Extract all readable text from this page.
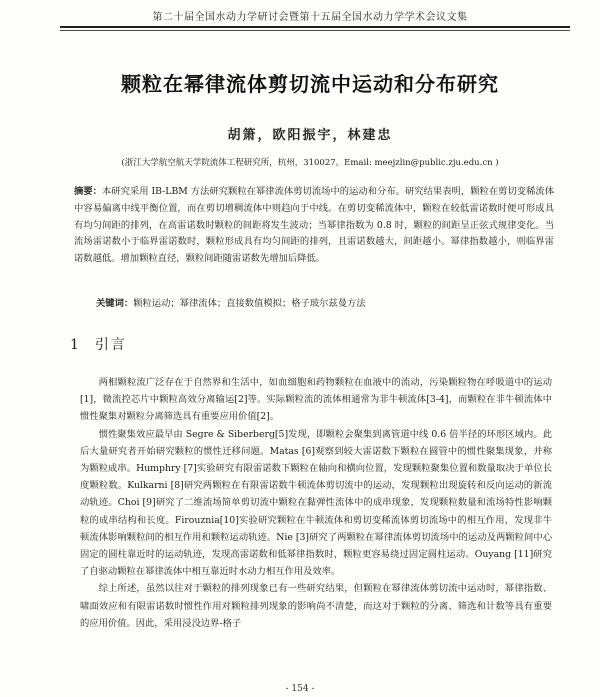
第二十届全国水动力学研讨会暨第十五届全国水动力学学术会议文集
颗粒在幂律流体剪切流中运动和分布研究
胡箫，欧阳振宇，林建忠
(浙江大学航空航天学院流体工程研究所，杭州，310027。Email: meejzlin@public.zju.edu.cn )
摘要：本研究采用 IB-LBM 方法研究颗粒在幂律流体剪切流场中的运动和分布。研究结果表明，颗粒在剪切变稀流体中容易偏离中线平衡位置，而在剪切增稠流体中则趋向于中线。在剪切变稀流体中，颗粒在较低雷诺数时便可形成具有均匀间距的排列，在高雷诺数时颗粒的间距将发生波动；当幂律指数为 0.8 时，颗粒的间距呈正弦式规律变化。当流场雷诺数小于临界雷诺数时，颗粒形成具有均匀间距的排列，且雷诺数越大，间距越小。幂律指数越小，则临界雷诺数越低。增加颗粒直径，颗粒间距随雷诺数先增加后降低。
关键词：颗粒运动；幂律流体；直接数值模拟；格子玻尔兹曼方法
1 引言

两相颗粒流广泛存在于自然界和生活中，如血细胞和药物颗粒在血液中的流动，污染颗粒物在呼吸道中的运动[1]，微流控芯片中颗粒高效分离输运[2]等。实际颗粒流的流体相通常为非牛顿流体[3-4]，而颗粒在非牛顿流体中惯性聚集对颗粒分离筛选具有重要应用价值[2]。

惯性聚集效应最早由 Segre & Siberberg[5]发现，即颗粒会聚集到离管道中线 0.6 倍半径的环形区域内。此后大量研究者开始研究颗粒的惯性迁移问题。Matas [6]观察到较大雷诺数下颗粒在圆管中的惯性聚集现象，并称为颗粒成串。Humphry [7]实验研究有限雷诺数下颗粒在轴向和横向位置，发现颗粒聚集位置和数量取决于单位长度颗粒数。Kulkarni [8]研究两颗粒在有限雷诺数牛顿流体剪切流中的运动，发现颗粒出现旋转和反向运动的新流动轨迹。Choi [9]研究了二维流场简单剪切流中颗粒在黏弹性流体中的成串现象，发现颗粒数量和流场特性影响颗粒的成串结构和长度。Firouznia[10]实验研究颗粒在牛顿流体和剪切变稀流体剪切流场中的相互作用，发现非牛顿流体影响颗粒间的相互作用和颗粒运动轨迹。Nie [3]研究了两颗粒在幂律流体剪切流场中的运动及两颗粒间中心固定的圆柱靠近时的运动轨迹，发现高雷诺数和低幂律指数时，颗粒更容易绕过固定圆柱运动。Ouyang [11]研究了自驱动颗粒在幂律流体中相互靠近时水动力相互作用及效率。

综上所述，虽然以往对于颗粒的排列现象已有一些研究结果，但颗粒在幂律流体剪切流中运动时，幂律指数、啸面效应和有限雷诺数时惯性作用对颗粒排列现象的影响尚不清楚，而这对于颗粒的分离、筛选和计数等具有重要的应用价值。因此，采用浸没边界-格子

- 154 -
